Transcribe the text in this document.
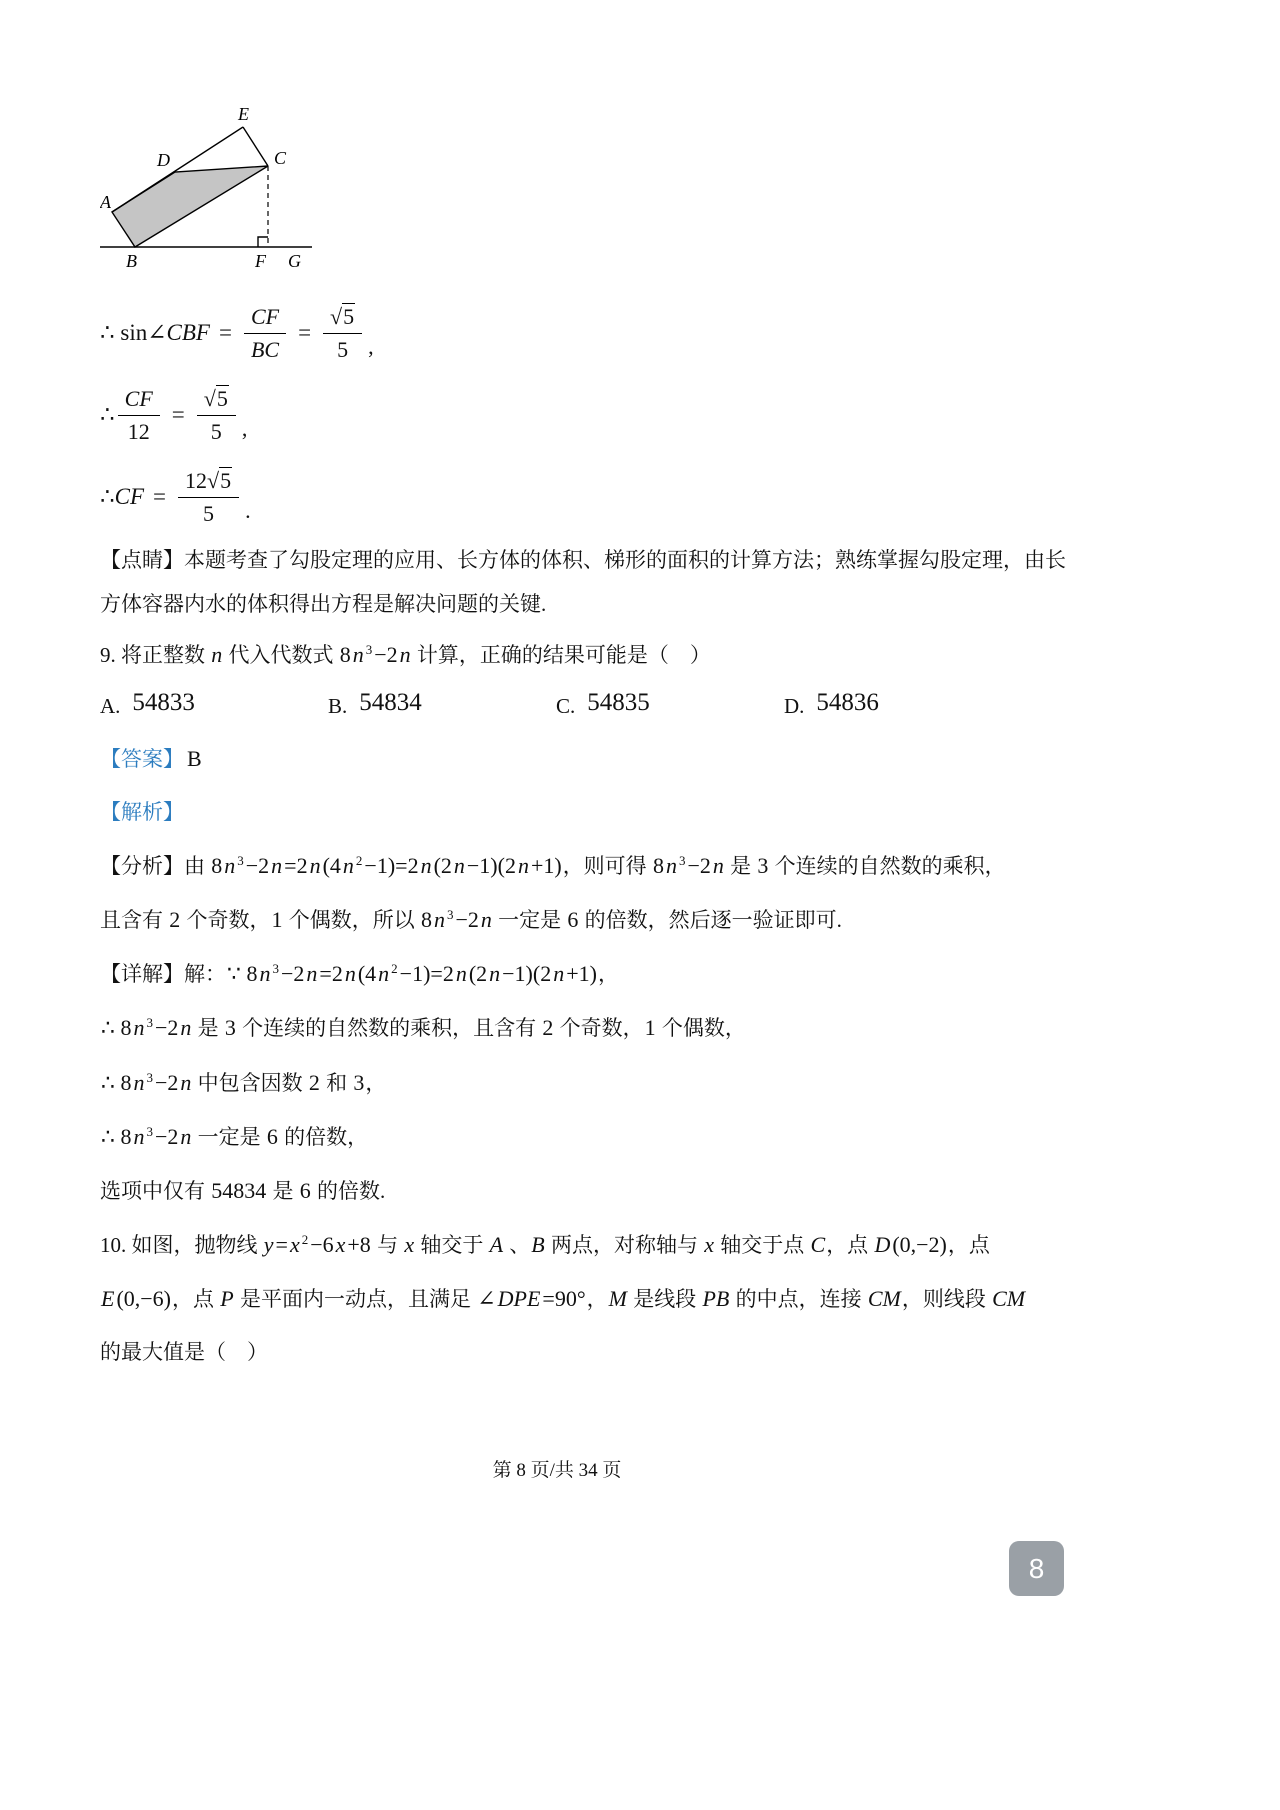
E
C
D
A
B	F G
∴ sin∠ CBF = $\frac{CF}{BC} = \frac{√5}{5}$ ,
∴ $\frac{CF}{12} = \frac{√5}{5}$ ,
∴ CF = $\frac{12√5}{5}$ .
【点睛】本题考查了勾股定理的应用、长方体的体积、梯形的面积的计算方法；熟练掌握勾股定理，由长
方体容器内水的体积得出方程是解决问题的关键.
9. 将正整数 n 代入代数式 8n $^3$−2n 计算，正确的结果可能是（　）
A. 54833	B. 54834	C. 54835	D. 54836
【答案】 B
【解析】
【分析】由 8n $^3$−2n=2n(4n $^2$−1)=2n(2n−1)(2n+1)，则可得 8n $^3$−2n 是 3 个连续的自然数的乘积，
且含有 2 个奇数，1 个偶数，所以 8n $^3$−2n 一定是 6 的倍数，然后逐一验证即可.
【详解】解：∵ 8n $^3$−2n=2n(4n $^2$−1)=2n(2n−1)(2n+1)，
∴ 8n $^3$−2n 是 3 个连续的自然数的乘积，且含有 2 个奇数，1 个偶数，
∴ 8n $^3$−2n 中包含因数 2 和 3，
∴ 8n $^3$−2n 一定是 6 的倍数，
选项中仅有 54834 是 6 的倍数.
10. 如图，抛物线 y=x $^2$−6x+8 与 x 轴交于 A 、B 两点，对称轴与 x 轴交于点 C，点 D(0,−2)，点
E(0,−6)，点 P 是平面内一动点，且满足 ∠DPE=90°，M 是线段 PB 的中点，连接 CM，则线段 CM
的最大值是（　）
第 8 页/共 34 页
8
